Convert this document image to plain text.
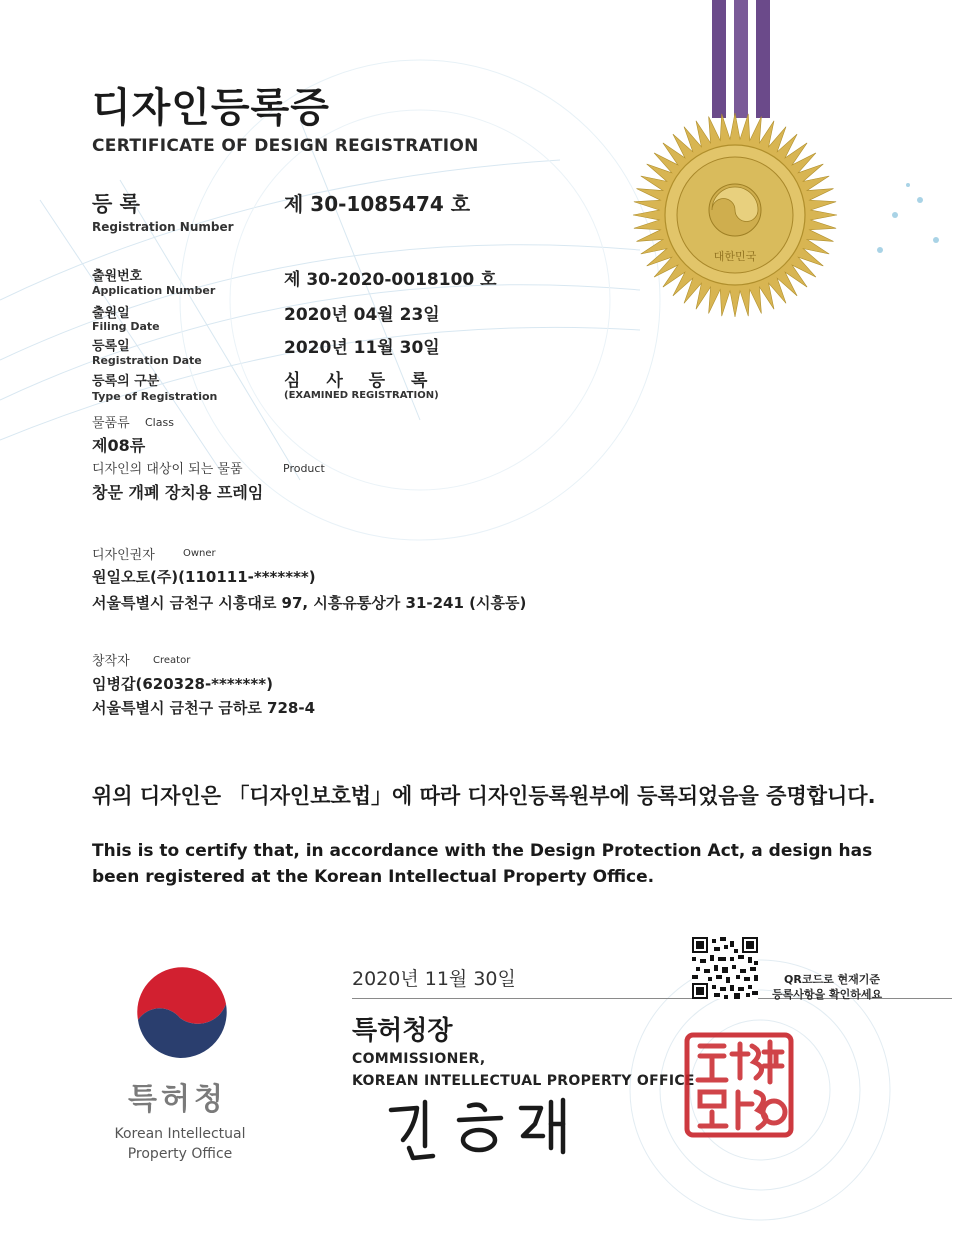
대한민국
디자인등록증
CERTIFICATE OF DESIGN REGISTRATION
등 록
Registration Number
제 30-1085474 호
출원번호
Application Number
제 30-2020-0018100 호
출원일
Filing Date
2020년 04월 23일
등록일
Registration Date
2020년 11월 30일
등록의 구분
Type of Registration
심 사 등 록
(EXAMINED REGISTRATION)
물품류 Class
제08류
디자인의 대상이 되는 물품	Product
창문 개폐 장치용 프레임
디자인권자	Owner
원일오토(주)(110111-*******)
서울특별시 금천구 시흥대로 97, 시흥유통상가 31-241 (시흥동)
창작자 Creator
임병갑(620328-*******)
서울특별시 금천구 금하로 728-4
위의 디자인은 「디자인보호법」에 따라 디자인등록원부에 등록되었음을 증명합니다.
This is to certify that, in accordance with the Design Protection Act, a design has been registered at the Korean Intellectual Property Office.
특허청
Korean Intellectual
Property Office
2020년 11월 30일
특허청장
COMMISSIONER,
KOREAN INTELLECTUAL PROPERTY OFFICE
QR코드로 현재기준
등록사항을 확인하세요
